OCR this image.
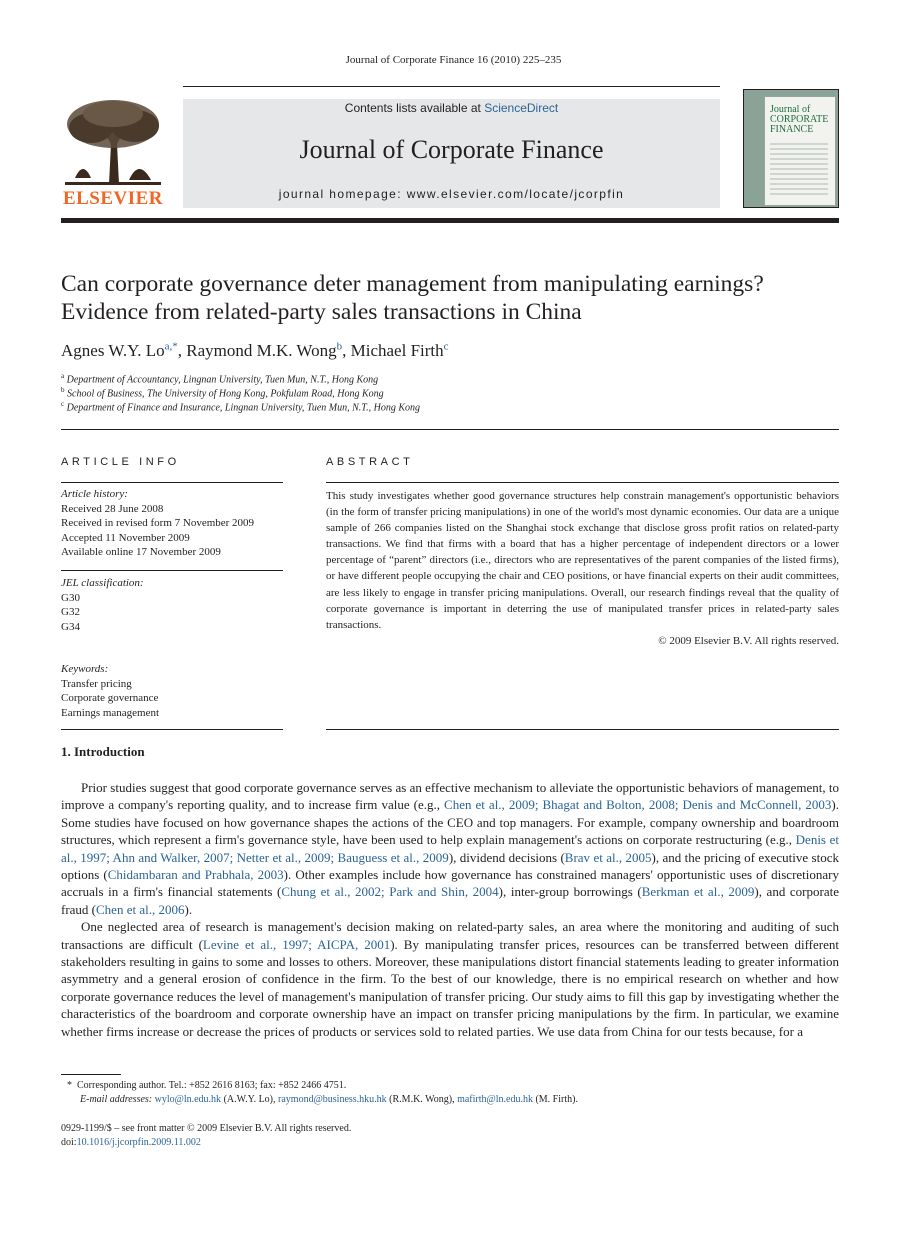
Journal of Corporate Finance 16 (2010) 225–235
ELSEVIER
Contents lists available at ScienceDirect
Journal of Corporate Finance
journal homepage: www.elsevier.com/locate/jcorpfin
Journal of
CORPORATE
FINANCE
Can corporate governance deter management from manipulating earnings?
Evidence from related-party sales transactions in China
Agnes W.Y. $Lo^{a,*}$, Raymond M.K. Wong$^b$, Michael Firth$^c$
$^a$ Department of Accountancy, Lingnan University, Tuen Mun, N.T., Hong Kong
$^b$ School of Business, The University of Hong Kong, Pokfulam Road, Hong Kong
$^c$ Department of Finance and Insurance, Lingnan University, Tuen Mun, N.T., Hong Kong
ARTICLE INFO
Article history:
Received 28 June 2008
Received in revised form 7 November 2009
Accepted 11 November 2009
Available online 17 November 2009
JEL classification:
G30
G32
G34
Keywords:
Transfer pricing
Corporate governance
Earnings management
ABSTRACT
This study investigates whether good governance structures help constrain management's opportunistic behaviors (in the form of transfer pricing manipulations) in one of the world's most dynamic economies. Our data are a unique sample of 266 companies listed on the Shanghai stock exchange that disclose gross profit ratios on related-party transactions. We find that firms with a board that has a higher percentage of independent directors or a lower percentage of “parent” directors (i.e., directors who are representatives of the parent companies of the listed firms), or have different people occupying the chair and CEO positions, or have financial experts on their audit committees, are less likely to engage in transfer pricing manipulations. Overall, our research findings reveal that the quality of corporate governance is important in deterring the use of manipulated transfer prices in related-party sales transactions.
© 2009 Elsevier B.V. All rights reserved.
1. Introduction

Prior studies suggest that good corporate governance serves as an effective mechanism to alleviate the opportunistic behaviors of management, to improve a company's reporting quality, and to increase firm value (e.g., Chen et al., 2009; Bhagat and Bolton, 2008; Denis and McConnell, 2003). Some studies have focused on how governance shapes the actions of the CEO and top managers. For example, company ownership and boardroom structures, which represent a firm's governance style, have been used to help explain management's actions on corporate restructuring (e.g., Denis et al., 1997; Ahn and Walker, 2007; Netter et al., 2009; Bauguess et al., 2009), dividend decisions (Brav et al., 2005), and the pricing of executive stock options (Chidambaran and Prabhala, 2003). Other examples include how governance has constrained managers' opportunistic uses of discretionary accruals in a firm's financial statements (Chung et al., 2002; Park and Shin, 2004), inter-group borrowings (Berkman et al., 2009), and corporate fraud (Chen et al., 2006).

One neglected area of research is management's decision making on related-party sales, an area where the monitoring and auditing of such transactions are difficult (Levine et al., 1997; AICPA, 2001). By manipulating transfer prices, resources can be transferred between different stakeholders resulting in gains to some and losses to others. Moreover, these manipulations distort financial statements leading to greater information asymmetry and a general erosion of confidence in the firm. To the best of our knowledge, there is no empirical research on whether and how corporate governance reduces the level of management's manipulation of transfer pricing. Our study aims to fill this gap by investigating whether the characteristics of the boardroom and corporate ownership have an impact on transfer pricing manipulations by the firm. In particular, we examine whether firms increase or decrease the prices of products or services sold to related parties. We use data from China for our tests because, for a

* Corresponding author. Tel.: +852 2616 8163; fax: +852 2466 4751.
E-mail addresses: wylo@ln.edu.hk (A.W.Y. Lo), raymond@business.hku.hk (R.M.K. Wong), mafirth@ln.edu.hk (M. Firth).
0929-1199/$ – see front matter © 2009 Elsevier B.V. All rights reserved.
doi:10.1016/j.jcorpfin.2009.11.002
